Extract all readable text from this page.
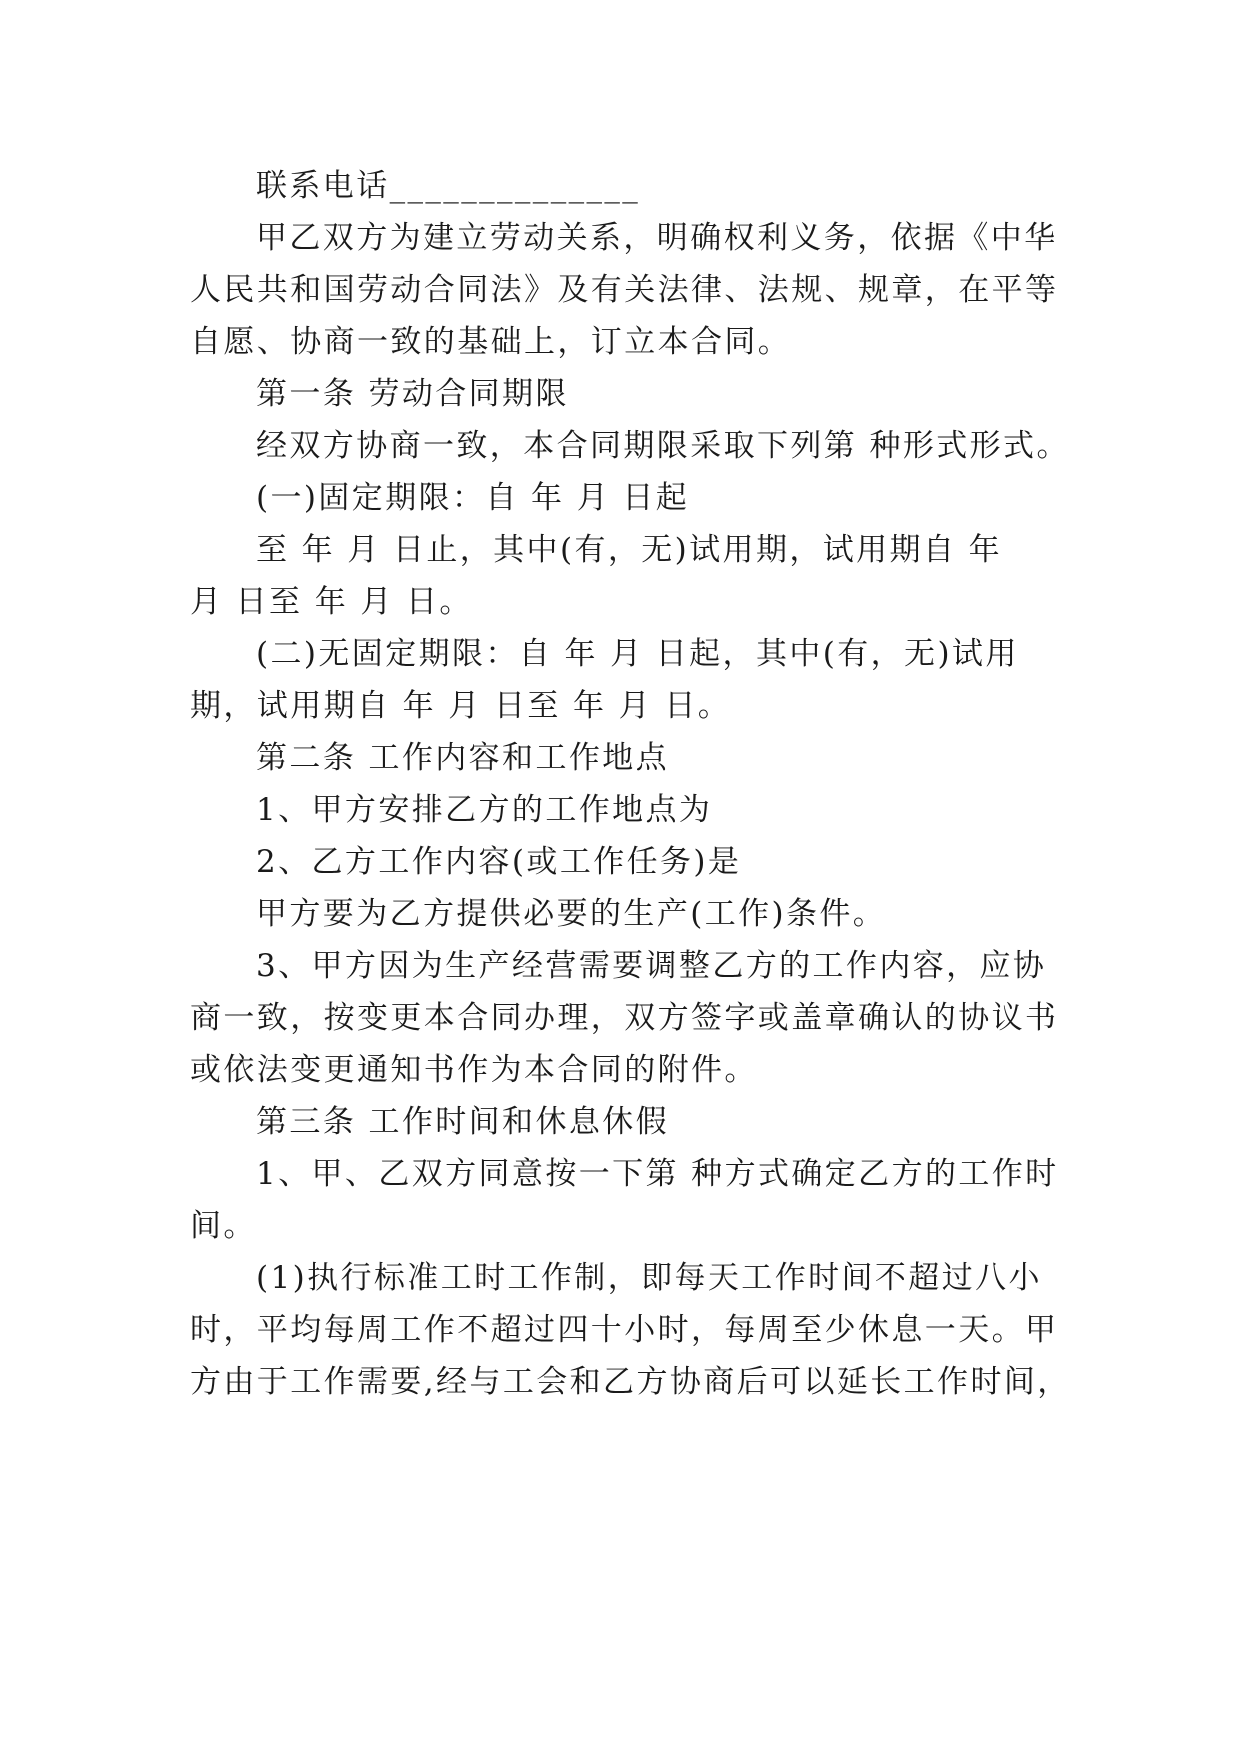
联系电话______________
甲乙双方为建立劳动关系，明确权利义务，依据《中华
人民共和国劳动合同法》及有关法律、法规、规章，在平等
自愿、协商一致的基础上，订立本合同。
第一条 劳动合同期限
经双方协商一致，本合同期限采取下列第 种形式形式。
(一)固定期限：自 年 月 日起
至 年 月 日止，其中(有，无)试用期，试用期自 年
月 日至 年 月 日。
(二)无固定期限：自 年 月 日起，其中(有，无)试用
期，试用期自 年 月 日至 年 月 日。
第二条 工作内容和工作地点
1、甲方安排乙方的工作地点为
2、乙方工作内容(或工作任务)是
甲方要为乙方提供必要的生产(工作)条件。
3、甲方因为生产经营需要调整乙方的工作内容，应协
商一致，按变更本合同办理，双方签字或盖章确认的协议书
或依法变更通知书作为本合同的附件。
第三条 工作时间和休息休假
1、甲、乙双方同意按一下第 种方式确定乙方的工作时
间。
(1)执行标准工时工作制，即每天工作时间不超过八小
时，平均每周工作不超过四十小时，每周至少休息一天。甲
方由于工作需要,经与工会和乙方协商后可以延长工作时间，
